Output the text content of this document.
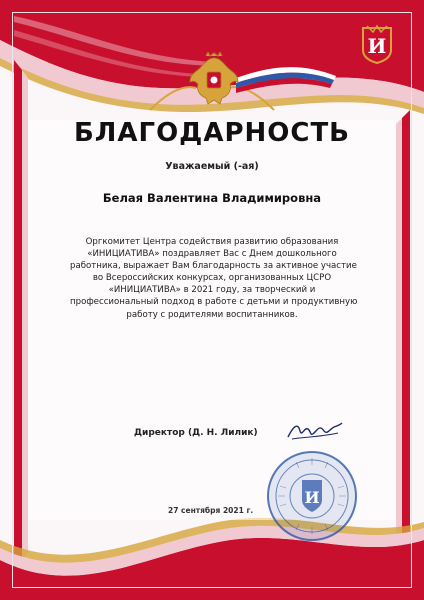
И
БЛАГОДАРНОСТЬ
Уважаемый (-ая)
Белая Валентина Владимировна
Оргкомитет Центра содействия развитию образования
«ИНИЦИАТИВА» поздравляет Вас с Днем дошкольного
работника, выражает Вам благодарность за активное участие
во Всероссийских конкурсах, организованных ЦСРО
«ИНИЦИАТИВА» в 2021 году, за творческий и
профессиональный подход в работе с детьми и продуктивную
работу с родителями воспитанников.
Директор (Д. Н. Лилик)
И
27 сентября 2021 г.
